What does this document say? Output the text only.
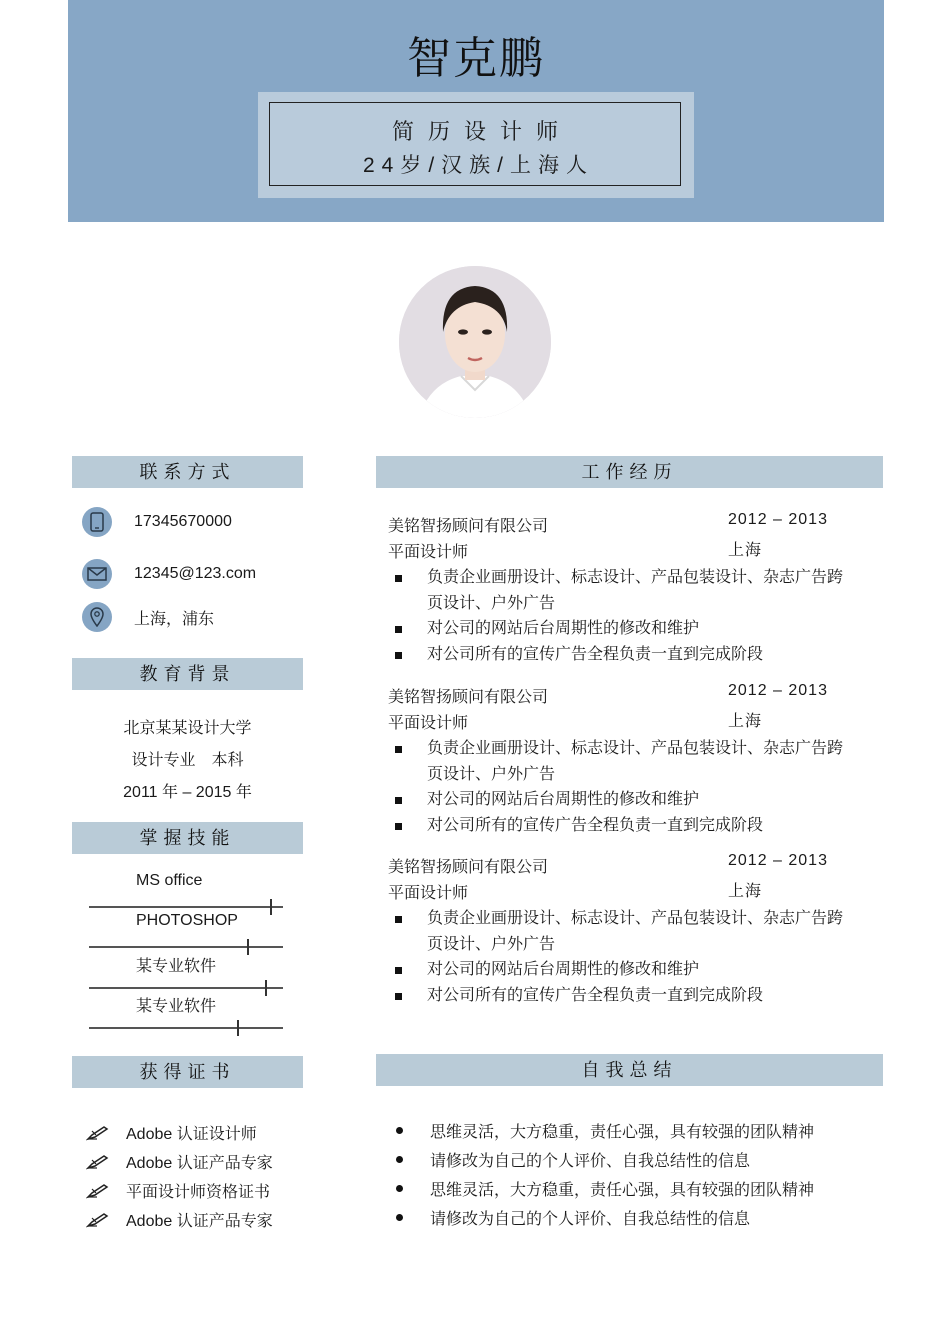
智克鹏
简历设计师
24岁/汉族/上海人
联系方式
17345670000
12345@123.com
上海，浦东
教育背景
北京某某设计大学
设计专业　本科
2011 年 – 2015 年
掌握技能
MS office
PHOTOSHOP
某专业软件
某专业软件
获得证书
Adobe 认证设计师
Adobe 认证产品专家
平面设计师资格证书
Adobe 认证产品专家
工作经历
美铭智扬顾问有限公司	2012 – 2013
平面设计师	上海
负责企业画册设计、标志设计、产品包装设计、杂志广告跨页设计、户外广告
对公司的网站后台周期性的修改和维护
对公司所有的宣传广告全程负责一直到完成阶段
美铭智扬顾问有限公司	2012 – 2013
平面设计师	上海
负责企业画册设计、标志设计、产品包装设计、杂志广告跨页设计、户外广告
对公司的网站后台周期性的修改和维护
对公司所有的宣传广告全程负责一直到完成阶段
美铭智扬顾问有限公司	2012 – 2013
平面设计师	上海
负责企业画册设计、标志设计、产品包装设计、杂志广告跨页设计、户外广告
对公司的网站后台周期性的修改和维护
对公司所有的宣传广告全程负责一直到完成阶段
自我总结
思维灵活，大方稳重，责任心强，具有较强的团队精神
请修改为自己的个人评价、自我总结性的信息
思维灵活，大方稳重，责任心强，具有较强的团队精神
请修改为自己的个人评价、自我总结性的信息
